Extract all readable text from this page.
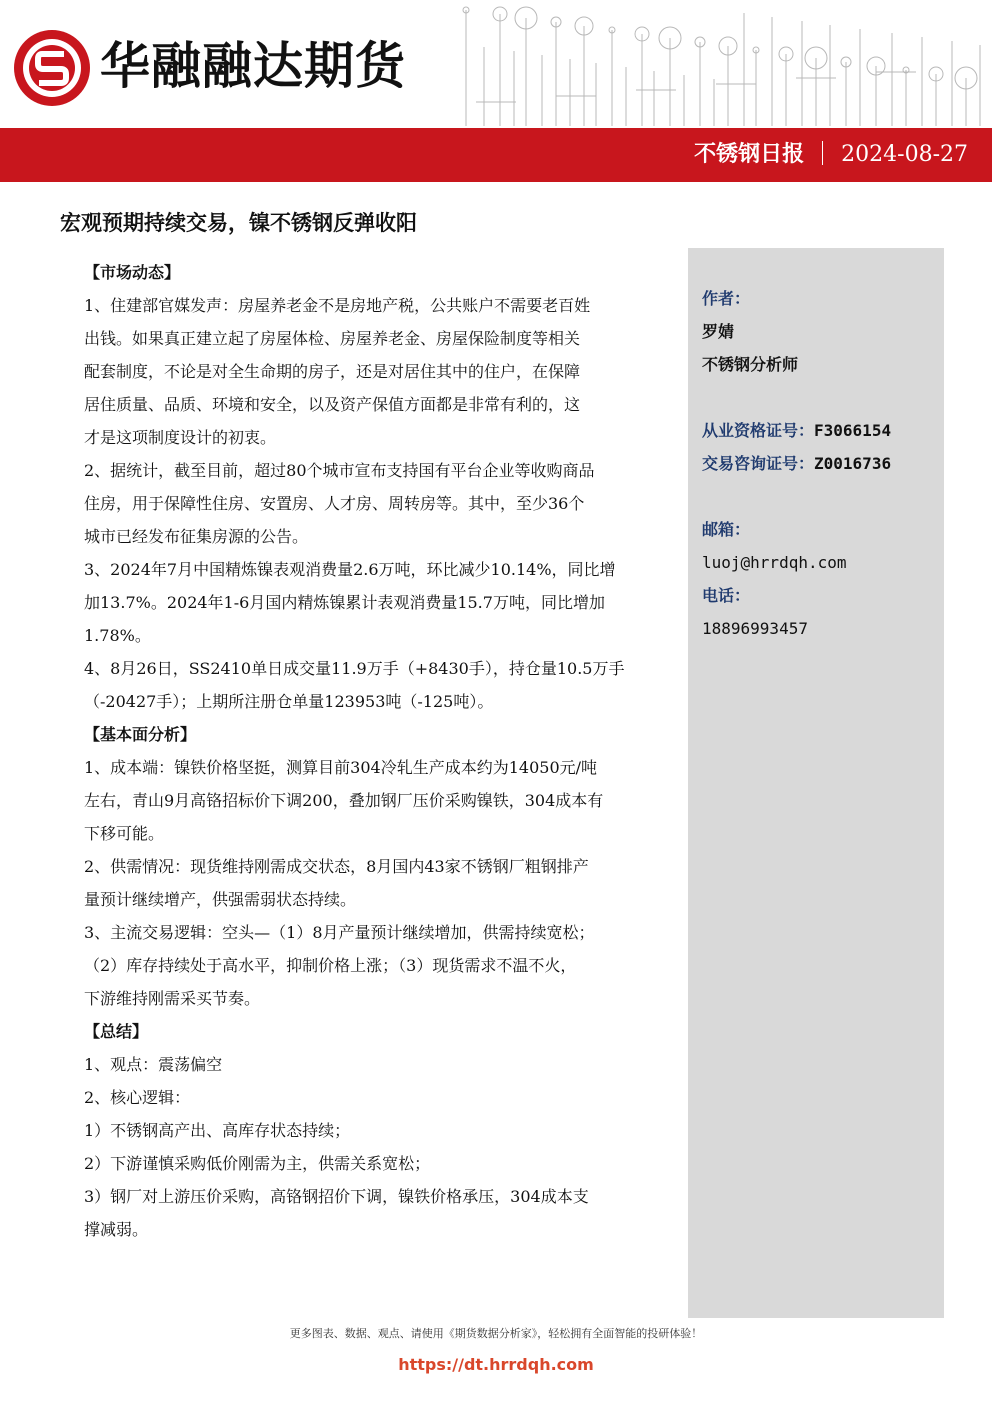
华融融达期货
不锈钢日报 2024-08-27
宏观预期持续交易，镍不锈钢反弹收阳
【市场动态】
1、住建部官媒发声：房屋养老金不是房地产税，公共账户不需要老百姓
出钱。如果真正建立起了房屋体检、房屋养老金、房屋保险制度等相关
配套制度，不论是对全生命期的房子，还是对居住其中的住户，在保障
居住质量、品质、环境和安全，以及资产保值方面都是非常有利的，这
才是这项制度设计的初衷。
2、据统计，截至目前，超过80个城市宣布支持国有平台企业等收购商品
住房，用于保障性住房、安置房、人才房、周转房等。其中，至少36个
城市已经发布征集房源的公告。
3、2024年7月中国精炼镍表观消费量2.6万吨，环比减少10.14%，同比增
加13.7%。2024年1-6月国内精炼镍累计表观消费量15.7万吨，同比增加
1.78%。
4、8月26日，SS2410单日成交量11.9万手（+8430手），持仓量10.5万手
（-20427手）；上期所注册仓单量123953吨（-125吨）。
【基本面分析】
1、成本端：镍铁价格坚挺，测算目前304冷轧生产成本约为14050元/吨
左右，青山9月高铬招标价下调200，叠加钢厂压价采购镍铁，304成本有
下移可能。
2、供需情况：现货维持刚需成交状态，8月国内43家不锈钢厂粗钢排产
量预计继续增产，供强需弱状态持续。
3、主流交易逻辑：空头—（1）8月产量预计继续增加，供需持续宽松；
（2）库存持续处于高水平，抑制价格上涨；（3）现货需求不温不火，
下游维持刚需采买节奏。
【总结】
1、观点：震荡偏空
2、核心逻辑：
1）不锈钢高产出、高库存状态持续；
2）下游谨慎采购低价刚需为主，供需关系宽松；
3）钢厂对上游压价采购，高铬钢招价下调，镍铁价格承压，304成本支
撑减弱。
作者：
罗婧
不锈钢分析师
从业资格证号：F3066154
交易咨询证号：Z0016736
邮箱：
luoj@hrrdqh.com
电话：
18896993457
更多图表、数据、观点、请使用《期货数据分析家》，轻松拥有全面智能的投研体验！
https://dt.hrrdqh.com
